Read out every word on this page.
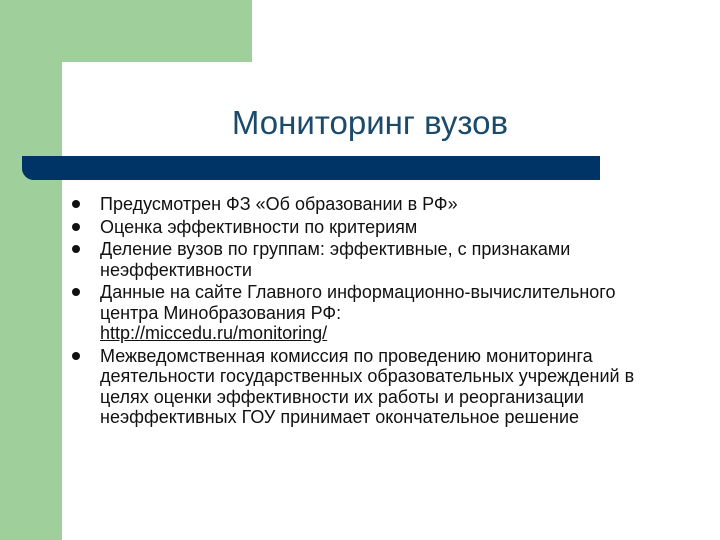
Мониторинг вузов
Предусмотрен ФЗ «Об образовании в РФ»
Оценка эффективности по критериям
Деление вузов по группам: эффективные, с признаками неэффективности
Данные на сайте Главного информационно-вычислительного центра Минобразования РФ:
http://miccedu.ru/monitoring/
Межведомственная комиссия по проведению мониторинга деятельности государственных образовательных учреждений в целях оценки эффективности их работы и реорганизации неэффективных ГОУ принимает окончательное решение
